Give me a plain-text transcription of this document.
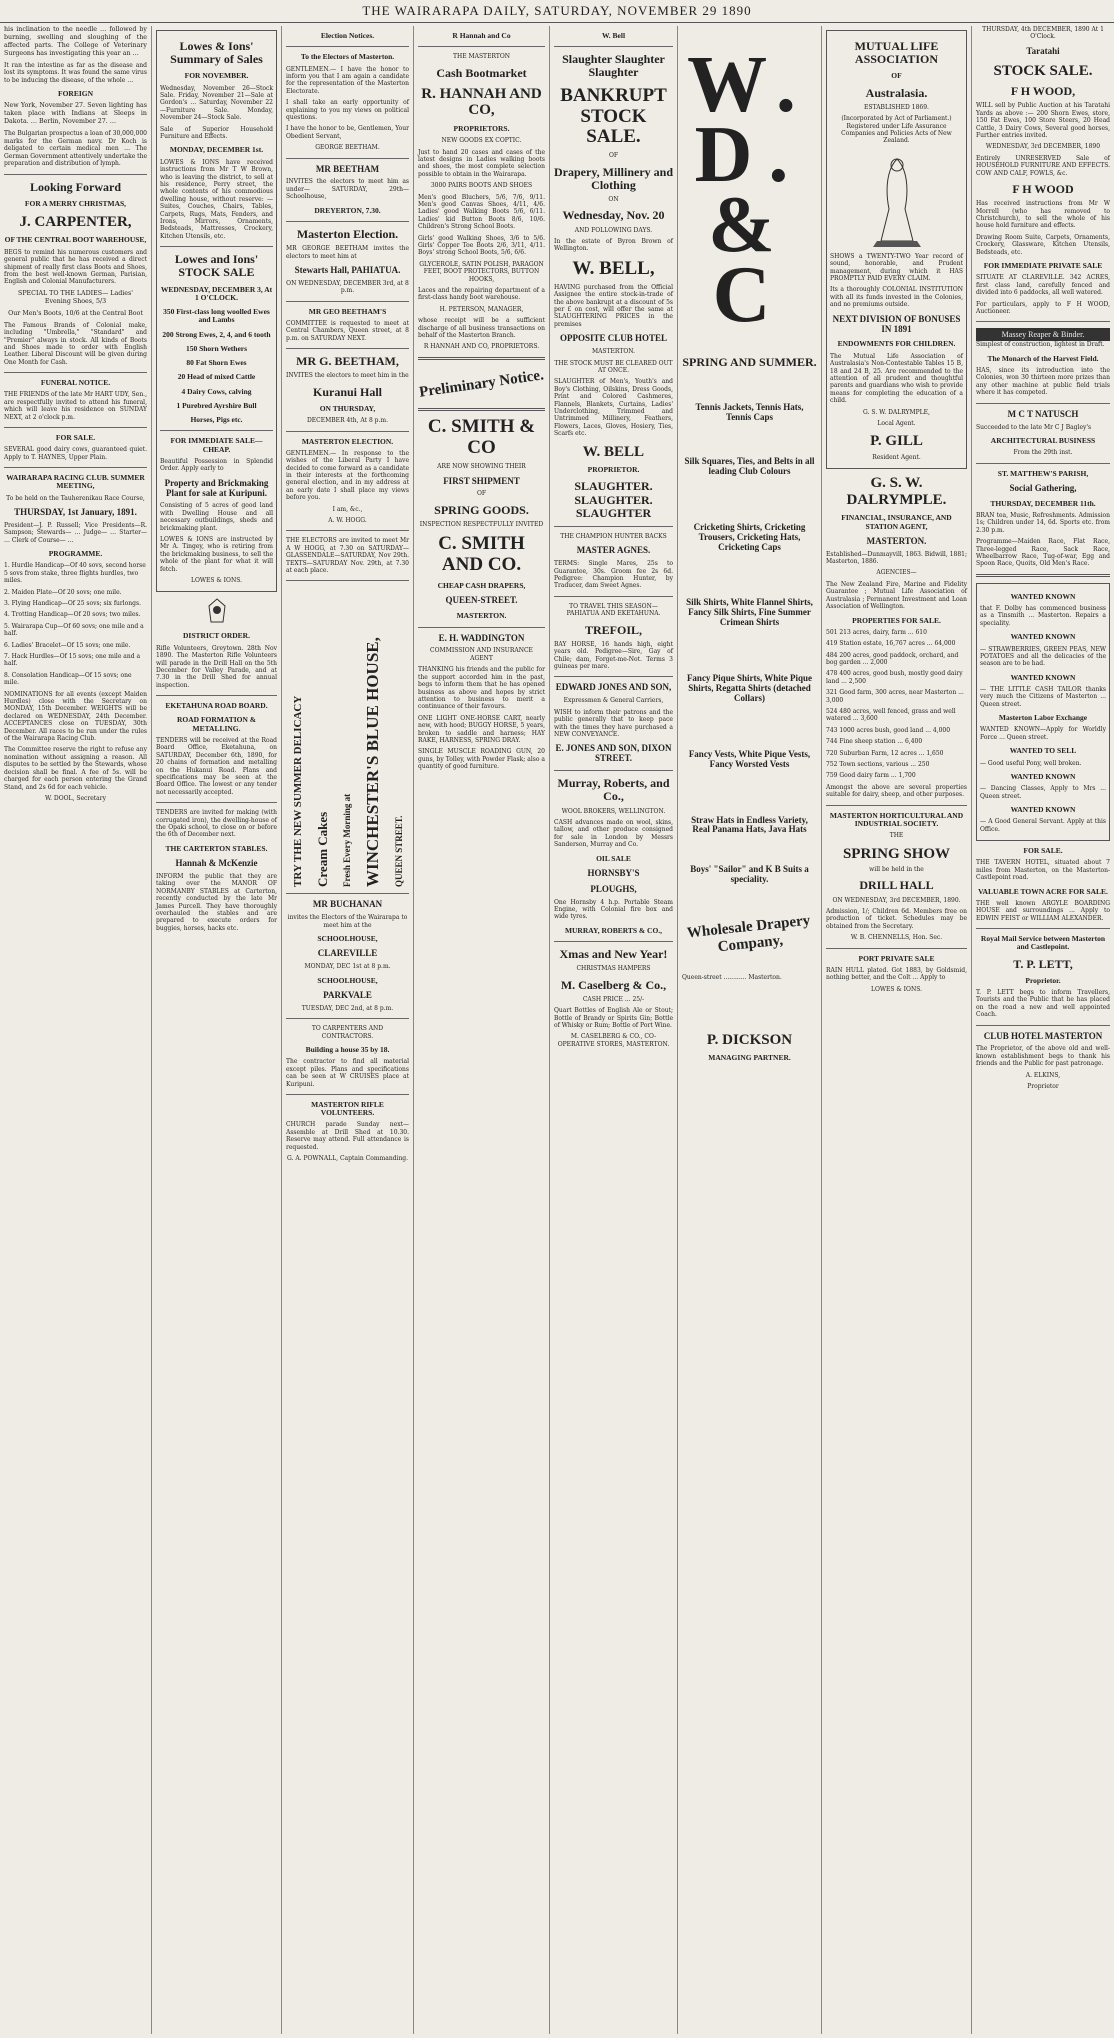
THE WAIRARAPA DAILY, SATURDAY, NOVEMBER 29 1890

his inclination to the needle … followed by burning, swelling and sloughing of the affected parts. The College of Veterinary Surgeons has investigating this year an …

It ran the intestine as far as the disease and lost its symptoms. It was found the same virus to be inducing the disease, of the whole …

FOREIGN

New York, November 27. Seven lighting has taken place with Indians at Sleeps in Dakota. … Berlin, November 27. …

The Bulgarian prospectus a loan of 30,000,000 marks for the German navy. Dr Koch is deligated to certain medical men … The German Government attentively undertake the preparation and distribution of lymph.

Looking Forward
FOR A MERRY CHRISTMAS,
J. CARPENTER,
OF THE CENTRAL BOOT WAREHOUSE,

BEGS to remind his numerous customers and general public that he has received a direct shipment of really first class Boots and Shoes, from the best well-known German, Parisian, English and Colonial Manufacturers.

SPECIAL TO THE LADIES— Ladies' Evening Shoes, 5/3

Our Men's Boots, 10/6 at the Central Boot

The Famous Brands of Colonial make, including "Umbrella," "Standard" and "Premier" always in stock. All kinds of Boots and Shoes made to order with English Leather. Liberal Discount will be given during One Month for Cash.

FUNERAL NOTICE.

THE FRIENDS of the late Mr HART UDY, Sen., are respectfully invited to attend his funeral, which will leave his residence on SUNDAY NEXT, at 2 o'clock p.m.

FOR SALE.

SEVERAL good dairy cows, guaranteed quiet. Apply to T. HAYNES, Upper Plain.

WAIRARAPA RACING CLUB. SUMMER MEETING,

To be held on the Tauherenikau Race Course,

THURSDAY, 1st January, 1891.

President—J. P. Russell; Vice Presidents—R. Sampson; Stewards— … Judge— … Starter— … Clerk of Course— …

PROGRAMME.

1. Hurdle Handicap—Of 40 sovs, second horse 5 sovs from stake, three flights hurdles, two miles.

2. Maiden Plate—Of 20 sovs; one mile.

3. Flying Handicap—Of 25 sovs; six furlongs.

4. Trotting Handicap—Of 20 sovs; two miles.

5. Wairarapa Cup—Of 60 sovs; one mile and a half.

6. Ladies' Bracelet—Of 15 sovs; one mile.

7. Hack Hurdles—Of 15 sovs; one mile and a half.

8. Consolation Handicap—Of 15 sovs; one mile.

NOMINATIONS for all events (except Maiden Hurdles) close with the Secretary on MONDAY, 15th December. WEIGHTS will be declared on WEDNESDAY, 24th December. ACCEPTANCES close on TUESDAY, 30th December. All races to be run under the rules of the Wairarapa Racing Club.

The Committee reserve the right to refuse any nomination without assigning a reason. All disputes to be settled by the Stewards, whose decision shall be final. A fee of 5s. will be charged for each person entering the Grand Stand, and 2s 6d for each vehicle.

W. DOOL, Secretary

Lowes & Ions' Summary of Sales
FOR NOVEMBER.

Wednesday, November 26—Stock Sale. Friday, November 21—Sale at Gordon's … Saturday, November 22—Furniture Sale. Monday, November 24—Stock Sale.

Sale of Superior Household Furniture and Effects.

MONDAY, DECEMBER 1st.

LOWES & IONS have received instructions from Mr T W Brown, who is leaving the district, to sell at his residence, Perry street, the whole contents of his commodious dwelling house, without reserve: —Suites, Couches, Chairs, Tables, Carpets, Rugs, Mats, Fenders, and Irons, Mirrors, Ornaments, Bedsteads, Mattresses, Crockery, Kitchen Utensils, etc.

Lowes and Ions' STOCK SALE
WEDNESDAY, DECEMBER 3, At 1 O'CLOCK.
350 First-class long woolled Ewes and Lambs
200 Strong Ewes, 2, 4, and 6 tooth
150 Shorn Wethers
80 Fat Shorn Ewes
20 Head of mixed Cattle
4 Dairy Cows, calving
1 Purebred Ayrshire Bull
Horses, Pigs etc.
FOR IMMEDIATE SALE—CHEAP.

Beautiful Possession in Splendid Order. Apply early to

Property and Brickmaking Plant for sale at Kuripuni.

Consisting of 5 acres of good land with Dwelling House and all necessary outbuildings, sheds and brickmaking plant.

LOWES & IONS are instructed by Mr A. Tingey, who is retiring from the brickmaking business, to sell the whole of the plant for what it will fetch.

LOWES & IONS.

DISTRICT ORDER.

Rifle Volunteers, Greytown. 28th Nov 1890. The Masterton Rifle Volunteers will parade in the Drill Hall on the 5th December for Valley Parade, and at 7.30 in the Drill Shed for annual inspection.

EKETAHUNA ROAD BOARD.
ROAD FORMATION & METALLING.

TENDERS will be received at the Road Board Office, Eketahuna, on SATURDAY, December 6th, 1890, for 20 chains of formation and metalling on the Hukanui Road. Plans and specifications may be seen at the Board Office. The lowest or any tender not necessarily accepted.

TENDERS are invited for making (with corrugated iron), the dwelling-house of the Opaki school, to close on or before the 6th of December next.

THE CARTERTON STABLES.
Hannah & McKenzie

INFORM the public that they are taking over the MANOR OF NORMANBY STABLES at Carterton, recently conducted by the late Mr James Purcell. They have thoroughly overhauled the stables and are prepared to execute orders for buggies, horses, hacks etc.

Election Notices.
To the Electors of Masterton.

GENTLEMEN.— I have the honor to inform you that I am again a candidate for the representation of the Masterton Electorate.

I shall take an early opportunity of explaining to you my views on political questions.

I have the honor to be, Gentlemen, Your Obedient Servant,

GEORGE BEETHAM.

MR BEETHAM

INVITES the electors to meet him as under— SATURDAY, 29th—Schoolhouse,

DREYERTON, 7.30.
Masterton Election.

MR GEORGE BEETHAM invites the electors to meet him at

Stewarts Hall, PAHIATUA.

ON WEDNESDAY, DECEMBER 3rd, at 8 p.m.

MR GEO BEETHAM'S

COMMITTEE is requested to meet at Central Chambers, Queen street, at 8 p.m. on SATURDAY NEXT.

MR G. BEETHAM,

INVITES the electors to meet him in the

Kuranui Hall
ON THURSDAY,

DECEMBER 4th, At 8 p.m.

MASTERTON ELECTION.

GENTLEMEN.— In response to the wishes of the Liberal Party I have decided to come forward as a candidate in their interests at the forthcoming general election, and in my address at an early date I shall place my views before you.

I am, &c.,

A. W. HOGG.

THE ELECTORS are invited to meet Mr A W HOGG, at 7.30 on SATURDAY—GLASSENDALE—SATURDAY, Nov 29th. TEXTS—SATURDAY Nov. 29th, at 7.30 at each place.

TRY THE NEW SUMMER DELICACY Cream Cakes Fresh Every Morning at WINCHESTER'S BLUE HOUSE, QUEEN STREET.
MR BUCHANAN

invites the Electors of the Wairarapa to meet him at the

SCHOOLHOUSE,
CLAREVILLE

MONDAY, DEC 1st at 8 p.m.

SCHOOLHOUSE,
PARKVALE

TUESDAY, DEC 2nd, at 8 p.m.

TO CARPENTERS AND CONTRACTORS.

Building a house 35 by 18.

The contractor to find all material except piles. Plans and specifications can be seen at W CRUISES place at Kuripuni.

MASTERTON RIFLE VOLUNTEERS.

CHURCH parade Sunday next— Assemble at Drill Shed at 10.30. Reserve may attend. Full attendance is requested.

G. A. POWNALL, Captain Commanding.

R Hannah and Co

THE MASTERTON

Cash Bootmarket
R. HANNAH AND CO,
PROPRIETORS.

NEW GOODS EX COPTIC.

Just to hand 20 cases and cases of the latest designs in Ladies walking boots and shoes, the most complete selection possible to obtain in the Wairarapa.

3000 PAIRS BOOTS AND SHOES

Men's good Bluchers, 5/6, 7/6, 9/11. Men's good Canvas Shoes, 4/11, 4/6. Ladies' good Walking Boots 5/6, 6/11. Ladies' kid Button Boots 8/6, 10/6. Children's Strong School Boots.

Girls' good Walking Shoes, 3/6 to 5/6. Girls' Copper Toe Boots 2/6, 3/11, 4/11. Boys' strong School Boots, 5/6, 6/6.

GLYCEROLE, SATIN POLISH, PARAGON FEET, BOOT PROTECTORS, BUTTON HOOKS,

Laces and the repairing department of a first-class handy boot warehouse.

H. PETERSON, MANAGER,

whose receipt will be a sufficient discharge of all business transactions on behalf of the Masterton Branch.

R HANNAH AND CO, PROPRIETORS.

Preliminary Notice.
C. SMITH & CO

ARE NOW SHOWING THEIR

FIRST SHIPMENT

OF

SPRING GOODS.

INSPECTION RESPECTFULLY INVITED

C. SMITH AND CO.
CHEAP CASH DRAPERS,
QUEEN-STREET.
MASTERTON.
E. H. WADDINGTON

COMMISSION AND INSURANCE AGENT

THANKING his friends and the public for the support accorded him in the past, begs to inform them that he has opened business as above and hopes by strict attention to business to merit a continuance of their favours.

ONE LIGHT ONE-HORSE CART, nearly new, with hood; BUGGY HORSE, 5 years, broken to saddle and harness; HAY RAKE, HARNESS, SPRING DRAY.

SINGLE MUSCLE ROADING GUN, 20 guns, by Tolley, with Powder Flask; also a quantity of good furniture.

W. Bell
Slaughter Slaughter Slaughter
BANKRUPT STOCK SALE.

OF

Drapery, Millinery and Clothing

ON

Wednesday, Nov. 20

AND FOLLOWING DAYS.

In the estate of Byron Brown of Wellington.

W. BELL,

HAVING purchased from the Official Assignee the entire stock-in-trade of the above bankrupt at a discount of 5s per £ on cost, will offer the same at SLAUGHTERING PRICES in the premises

OPPOSITE CLUB HOTEL

MASTERTON.

THE STOCK MUST BE CLEARED OUT AT ONCE.

SLAUGHTER of Men's, Youth's and Boy's Clothing, Oilskins, Dress Goods, Print and Colored Cashmeres, Flannels, Blankets, Curtains, Ladies' Underclothing, Trimmed and Untrimmed Millinery, Feathers, Flowers, Laces, Gloves, Hosiery, Ties, Scarfs etc.

W. BELL
PROPRIETOR.
SLAUGHTER. SLAUGHTER. SLAUGHTER

THE CHAMPION HUNTER BACKS

MASTER AGNES.

TERMS: Single Mares, 25s to Guarantee, 30s. Groom fee 2s 6d. Pedigree: Champion Hunter, by Traducer, dam Sweet Agnes.

TO TRAVEL THIS SEASON— PAHIATUA AND EKETAHUNA.

TREFOIL,

BAY HORSE, 16 hands high, eight years old. Pedigree—Sire, Gay of Chile; dam, Forget-me-Not. Terms 3 guineas per mare.

EDWARD JONES AND SON,

Expressmen & General Carriers,

WISH to inform their patrons and the public generally that to keep pace with the times they have purchased a NEW CONVEYANCE.

E. JONES AND SON, DIXON STREET.
Murray, Roberts, and Co.,

WOOL BROKERS, WELLINGTON.

CASH advances made on wool, skins, tallow, and other produce consigned for sale in London by Messrs Sanderson, Murray and Co.

OIL SALE
HORNSBY'S
PLOUGHS,

One Hornsby 4 h.p. Portable Steam Engine, with Colonial fire box and wide tyres.

MURRAY, ROBERTS & CO.,
Xmas and New Year!

CHRISTMAS HAMPERS

M. Caselberg & Co.,

CASH PRICE ... 25/-

Quart Bottles of English Ale or Stout; Bottle of Brandy or Spirits Gin; Bottle of Whisky or Rum; Bottle of Port Wine.

M. CASELBERG & CO., CO-OPERATIVE STORES, MASTERTON.

W. D. & C
SPRING AND SUMMER.
Tennis Jackets, Tennis Hats, Tennis Caps
Silk Squares, Ties, and Belts in all leading Club Colours
Cricketing Shirts, Cricketing Trousers, Cricketing Hats, Cricketing Caps
Silk Shirts, White Flannel Shirts, Fancy Silk Shirts, Fine Summer Crimean Shirts
Fancy Pique Shirts, White Pique Shirts, Regatta Shirts (detached Collars)
Fancy Vests, White Pique Vests, Fancy Worsted Vests
Straw Hats in Endless Variety, Real Panama Hats, Java Hats
Boys' "Sailor" and K B Suits a speciality.
Wholesale Drapery Company,

Queen-street ............ Masterton.

P. DICKSON
MANAGING PARTNER.
MUTUAL LIFE ASSOCIATION
OF
Australasia.

ESTABLISHED 1869.

(Incorporated by Act of Parliament.) Registered under Life Assurance Companies and Policies Acts of New Zealand.

SHOWS a TWENTY-TWO Year record of sound, honorable, and Prudent management, during which it HAS PROMPTLY PAID EVERY CLAIM.

Its a thoroughly COLONIAL INSTITUTION with all its funds invested in the Colonies, and no premiums outside.

NEXT DIVISION OF BONUSES IN 1891
ENDOWMENTS FOR CHILDREN.

The Mutual Life Association of Australasia's Non-Contestable Tables 15 B, 18 and 24 B, 25. Are recommended to the attention of all prudent and thoughtful parents and guardians who wish to provide means for completing the education of a child.

G. S. W. DALRYMPLE,

Local Agent.

P. GILL

Resident Agent.

G. S. W. DALRYMPLE.
FINANCIAL, INSURANCE, AND STATION AGENT,
MASTERTON.

Established—Dunmayvill, 1863. Bidwill, 1881; Masterton, 1886.

AGENCIES—

The New Zealand Fire, Marine and Fidelity Guarantee ; Mutual Life Association of Australasia ; Permanent Investment and Loan Association of Wellington.

PROPERTIES FOR SALE.

501 213 acres, dairy, farm ... 610

419 Station estate, 16,767 acres ... 64,000

484 200 acres, good paddock, orchard, and bog garden ... 2,000

478 400 acres, good bush, mostly good dairy land ... 2,500

321 Good farm, 300 acres, near Masterton ... 3,000

524 480 acres, well fenced, grass and well watered ... 3,600

743 1000 acres bush, good land ... 4,000

744 Fine sheep station ... 6,400

720 Suburban Farm, 12 acres ... 1,650

752 Town sections, various ... 250

759 Good dairy farm ... 1,700

Amongst the above are several properties suitable for dairy, sheep, and other purposes.

MASTERTON HORTICULTURAL AND INDUSTRIAL SOCIETY.

THE

SPRING SHOW

will be held in the

DRILL HALL

ON WEDNESDAY, 3rd DECEMBER, 1890.

Admission, 1/; Children 6d. Members free on production of ticket. Schedules may be obtained from the Secretary.

W. B. CHENNELLS, Hon. Sec.

PORT PRIVATE SALE

RAIN HULL plated. Got 1883, by Goldsmid, nothing better, and the Colt ... Apply to

LOWES & IONS.

THURSDAY, 4th DECEMBER, 1890 At 1 O'Clock.

Taratahi
STOCK SALE.
F H WOOD,

WILL sell by Public Auction at his Taratahi Yards as above :— 200 Shorn Ewes, store, 150 Fat Ewes, 100 Store Steers, 20 Head Cattle, 3 Dairy Cows, Several good horses, Further entries invited.

WEDNESDAY, 3rd DECEMBER, 1890

Entirely UNRESERVED Sale of HOUSEHOLD FURNITURE AND EFFECTS. COW AND CALF, FOWLS, &c.

F H WOOD

Has received instructions from Mr W Morrell (who has removed to Christchurch), to sell the whole of his house hold furniture and effects.

Drawing Room Suite, Carpets, Ornaments, Crockery, Glassware, Kitchen Utensils, Bedsteads, etc.

FOR IMMEDIATE PRIVATE SALE

SITUATE AT CLAREVILLE. 342 ACRES, first class land, carefully fenced and divided into 6 paddocks, all well watered.

For particulars, apply to F H WOOD, Auctioneer.

Massey Reaper & Binder.

Simplest of construction, lightest in Draft.

The Monarch of the Harvest Field.

HAS, since its introduction into the Colonies, won 30 thirteen more prizes than any other machine at public field trials where it has competed.

M C T NATUSCH

Succeeded to the late Mr C J Bagley's

ARCHITECTURAL BUSINESS

From the 29th inst.

ST. MATTHEW'S PARISH,
Social Gathering,
THURSDAY, DECEMBER 11th.

BRAN tea, Music, Refreshments. Admission 1s; Children under 14, 6d. Sports etc. from 2.30 p.m.

Programme—Maiden Race, Flat Race, Three-legged Race, Sack Race, Wheelbarrow Race, Tug-of-war, Egg and Spoon Race, Quoits, Old Men's Race.

WANTED KNOWN

that F. Dolby has commenced business as a Tinsmith ... Masterton. Repairs a speciality.

WANTED KNOWN

— STRAWBERRIES, GREEN PEAS, NEW POTATOES and all the delicacies of the season are to be had.

WANTED KNOWN

— THE LITTLE CASH TAILOR thanks very much the Citizens of Masterton ... Queen street.

Masterton Labor Exchange

WANTED KNOWN—Apply for Worldly Force ... Queen street.

WANTED TO SELL

— Good useful Pony, well broken.

WANTED KNOWN

— Dancing Classes, Apply to Mrs ... Queen street.

WANTED KNOWN

— A Good General Servant. Apply at this Office.

FOR SALE.

THE TAVERN HOTEL, situated about 7 miles from Masterton, on the Masterton-Castlepoint road.

VALUABLE TOWN ACRE FOR SALE.

THE well known ARGYLE BOARDING HOUSE and surroundings ... Apply to EDWIN FEIST or WILLIAM ALEXANDER.

Royal Mail Service between Masterton and Castlepoint.
T. P. LETT,
Proprietor.

T. P. LETT begs to inform Travellers, Tourists and the Public that he has placed on the road a new and well appointed Coach.

CLUB HOTEL MASTERTON

The Proprietor, of the above old and well-known establishment begs to thank his friends and the Public for past patronage.

A. ELKINS,

Proprietor
